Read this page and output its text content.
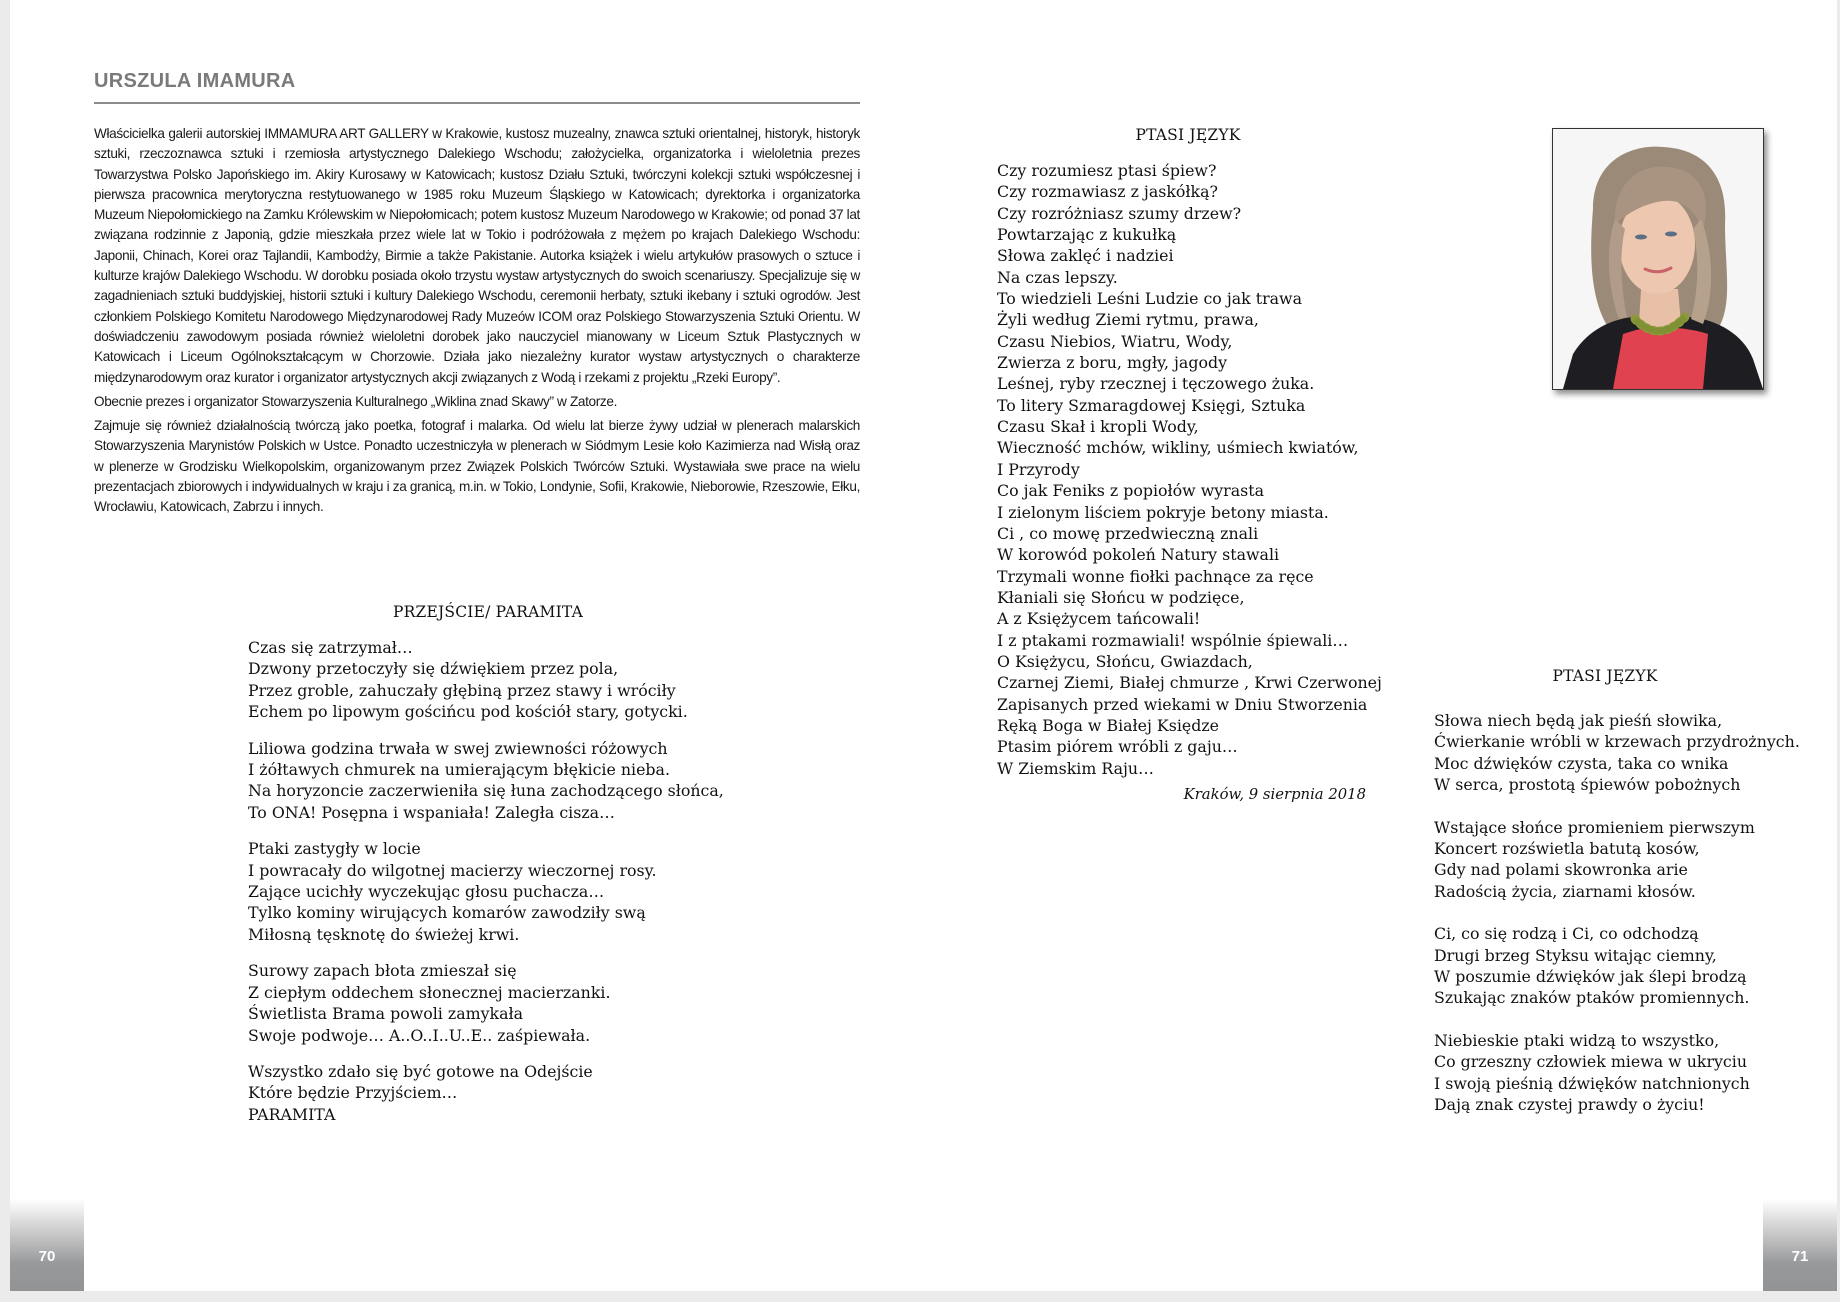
URSZULA IMAMURA

Właścicielka galerii autorskiej IMMAMURA ART GALLERY w Krakowie, kustosz muzealny, znawca sztuki orientalnej, historyk, historyk sztuki, rzeczoznawca sztuki i rzemiosła artystycznego Dalekiego Wschodu; założycielka, organizatorka i wieloletnia prezes Towarzystwa Polsko Japońskiego im. Akiry Kurosawy w Katowicach; kustosz Działu Sztuki, twórczyni kolekcji sztuki współczesnej i pierwsza pracownica merytoryczna restytuowanego w 1985 roku Muzeum Śląskiego w Katowicach; dyrektorka i organizatorka Muzeum Niepołomickiego na Zamku Królewskim w Niepołomicach; potem kustosz Muzeum Narodowego w Krakowie; od ponad 37 lat związana rodzinnie z Japonią, gdzie mieszkała przez wiele lat w Tokio i podróżowała z mężem po krajach Dalekiego Wschodu: Japonii, Chinach, Korei oraz Tajlandii, Kambodży, Birmie a także Pakistanie. Autorka książek i wielu artykułów prasowych o sztuce i kulturze krajów Dalekiego Wschodu. W dorobku posiada około trzystu wystaw artystycznych do swoich scenariuszy. Specjalizuje się w zagadnieniach sztuki buddyjskiej, historii sztuki i kultury Dalekiego Wschodu, ceremonii herbaty, sztuki ikebany i sztuki ogrodów. Jest członkiem Polskiego Komitetu Narodowego Międzynarodowej Rady Muzeów ICOM oraz Polskiego Stowarzyszenia Sztuki Orientu. W doświadczeniu zawodowym posiada również wieloletni dorobek jako nauczyciel mianowany w Liceum Sztuk Plastycznych w Katowicach i Liceum Ogólnokształcącym w Chorzowie. Działa jako niezależny kurator wystaw artystycznych o charakterze międzynarodowym oraz kurator i organizator artystycznych akcji związanych z Wodą i rzekami z projektu „Rzeki Europy”.

Obecnie prezes i organizator Stowarzyszenia Kulturalnego „Wiklina znad Skawy” w Zatorze.

Zajmuje się również działalnością twórczą jako poetka, fotograf i malarka. Od wielu lat bierze żywy udział w plenerach malarskich Stowarzyszenia Marynistów Polskich w Ustce. Ponadto uczestniczyła w plenerach w Siódmym Lesie koło Kazimierza nad Wisłą oraz w plenerze w Grodzisku Wielkopolskim, organizowanym przez Związek Polskich Twórców Sztuki. Wystawiała swe prace na wielu prezentacjach zbiorowych i indywidualnych w kraju i za granicą, m.in. w Tokio, Londynie, Sofii, Krakowie, Nieborowie, Rzeszowie, Ełku, Wrocławiu, Katowicach, Zabrzu i innych.

PRZEJŚCIE/ PARAMITA
Czas się zatrzymał…
Dzwony przetoczyły się dźwiękiem przez pola,
Przez groble, zahuczały głębiną przez stawy i wróciły
Echem po lipowym gościńcu pod kościół stary, gotycki.
Liliowa godzina trwała w swej zwiewności różowych
I żółtawych chmurek na umierającym błękicie nieba.
Na horyzoncie zaczerwieniła się łuna zachodzącego słońca,
To ONA! Posępna i wspaniała! Zaległa cisza…
Ptaki zastygły w locie
I powracały do wilgotnej macierzy wieczornej rosy.
Zające ucichły wyczekując głosu puchacza…
Tylko kominy wirujących komarów zawodziły swą
Miłosną tęsknotę do świeżej krwi.
Surowy zapach błota zmieszał się
Z ciepłym oddechem słonecznej macierzanki.
Świetlista Brama powoli zamykała
Swoje podwoje… A..O..I..U..E.. zaśpiewała.
Wszystko zdało się być gotowe na Odejście
Które będzie Przyjściem…
PARAMITA
70
PTASI JĘZYK
Czy rozumiesz ptasi śpiew?
Czy rozmawiasz z jaskółką?
Czy rozróżniasz szumy drzew?
Powtarzając z kukułką
Słowa zaklęć i nadziei
Na czas lepszy.
To wiedzieli Leśni Ludzie co jak trawa
Żyli według Ziemi rytmu, prawa,
Czasu Niebios, Wiatru, Wody,
Zwierza z boru, mgły, jagody
Leśnej, ryby rzecznej i tęczowego żuka.
To litery Szmaragdowej Księgi, Sztuka
Czasu Skał i kropli Wody,
Wieczność mchów, wikliny, uśmiech kwiatów,
I Przyrody
Co jak Feniks z popiołów wyrasta
I zielonym liściem pokryje betony miasta.
Ci , co mowę przedwieczną znali
W korowód pokoleń Natury stawali
Trzymali wonne fiołki pachnące za ręce
Kłaniali się Słońcu w podzięce,
A z Księżycem tańcowali!
I z ptakami rozmawiali! wspólnie śpiewali…
O Księżycu, Słońcu, Gwiazdach,
Czarnej Ziemi, Białej chmurze , Krwi Czerwonej
Zapisanych przed wiekami w Dniu Stworzenia
Ręką Boga w Białej Księdze
Ptasim piórem wróbli z gaju…
W Ziemskim Raju…
Kraków, 9 sierpnia 2018
PTASI JĘZYK
Słowa niech będą jak pieśń słowika,
Ćwierkanie wróbli w krzewach przydrożnych.
Moc dźwięków czysta, taka co wnika
W serca, prostotą śpiewów pobożnych
Wstające słońce promieniem pierwszym
Koncert rozświetla batutą kosów,
Gdy nad polami skowronka arie
Radością życia, ziarnami kłosów.
Ci, co się rodzą i Ci, co odchodzą
Drugi brzeg Styksu witając ciemny,
W poszumie dźwięków jak ślepi brodzą
Szukając znaków ptaków promiennych.
Niebieskie ptaki widzą to wszystko,
Co grzeszny człowiek miewa w ukryciu
I swoją pieśnią dźwięków natchnionych
Dają znak czystej prawdy o życiu!
71
